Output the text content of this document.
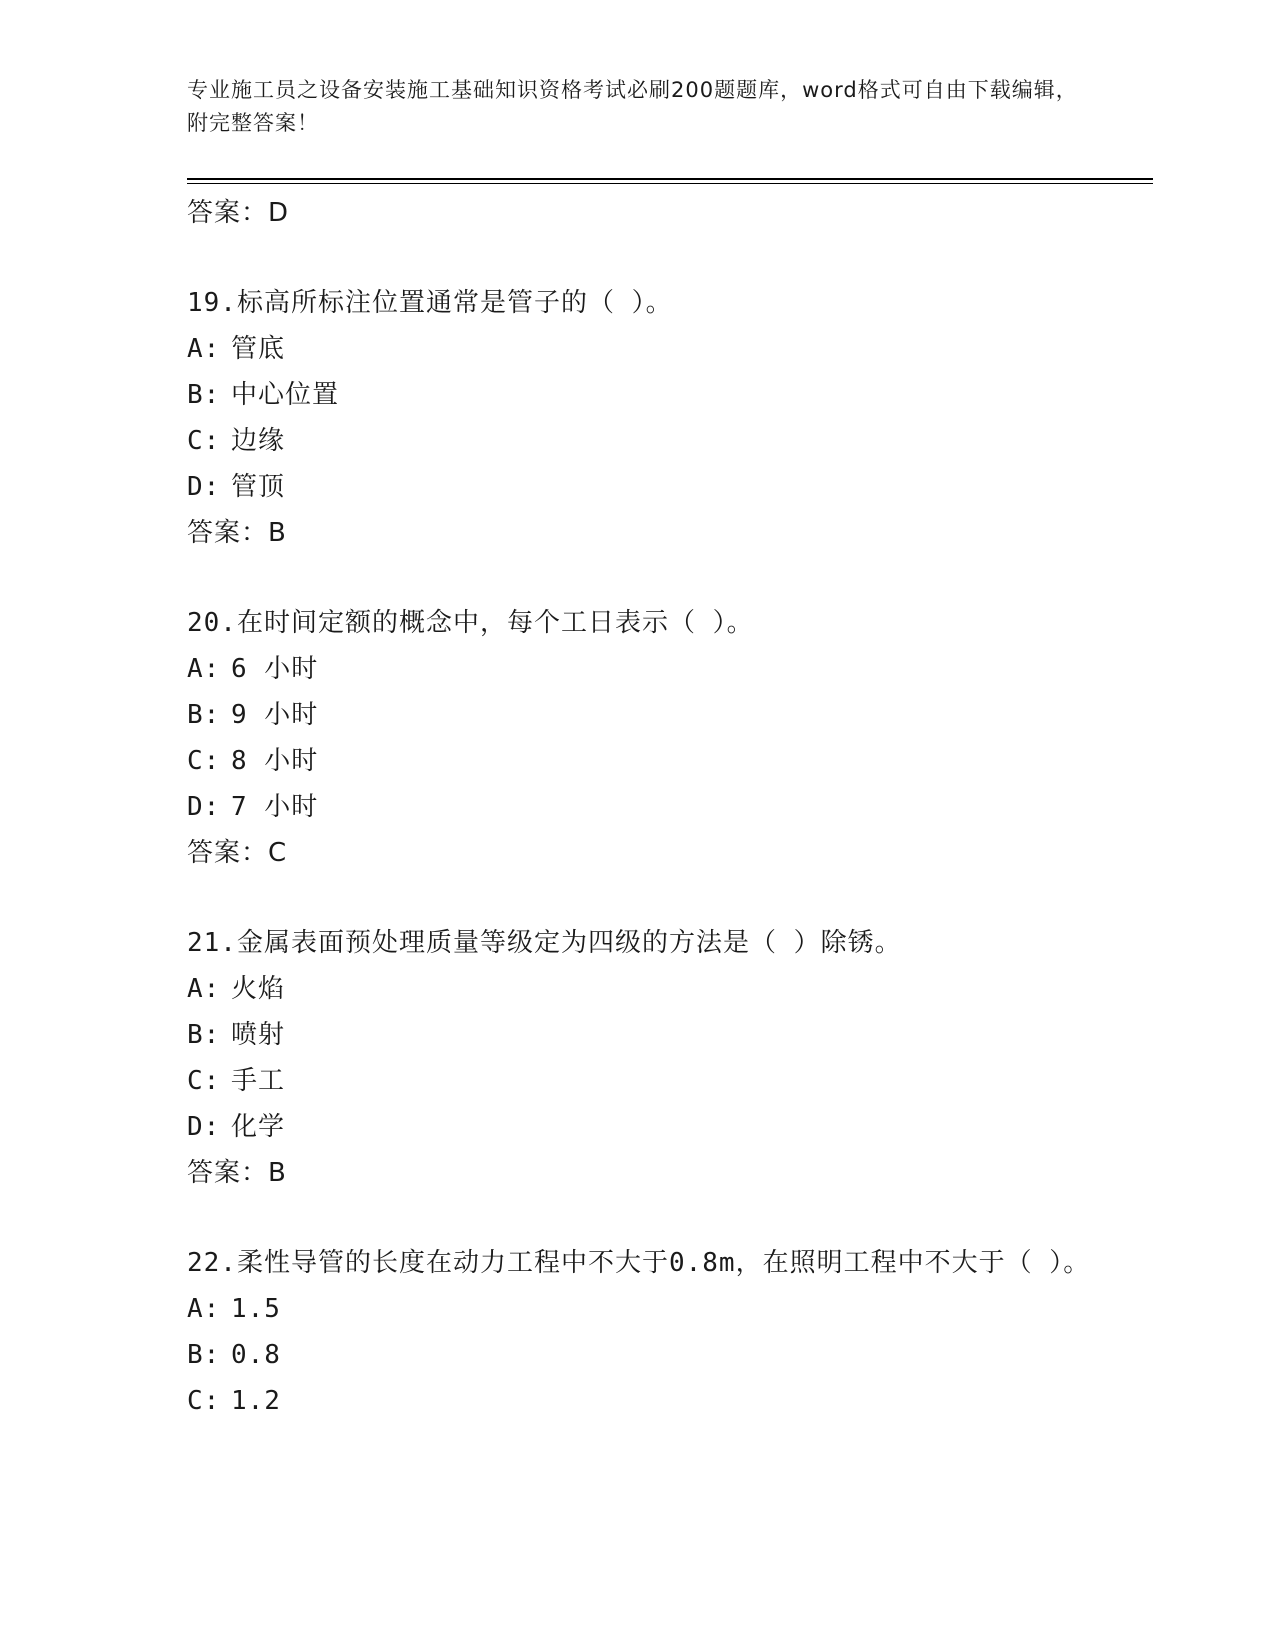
专业施工员之设备安装施工基础知识资格考试必刷200题题库，word格式可自由下载编辑，附完整答案！
答案：D
19.标高所标注位置通常是管子的（ ）。
A: 管底
B: 中心位置
C: 边缘
D: 管顶
答案：B
20.在时间定额的概念中，每个工日表示（ ）。
A: 6 小时
B: 9 小时
C: 8 小时
D: 7 小时
答案：C
21.金属表面预处理质量等级定为四级的方法是（ ）除锈。
A: 火焰
B: 喷射
C: 手工
D: 化学
答案：B
22.柔性导管的长度在动力工程中不大于0.8m，在照明工程中不大于（ ）。
A: 1.5
B: 0.8
C: 1.2
